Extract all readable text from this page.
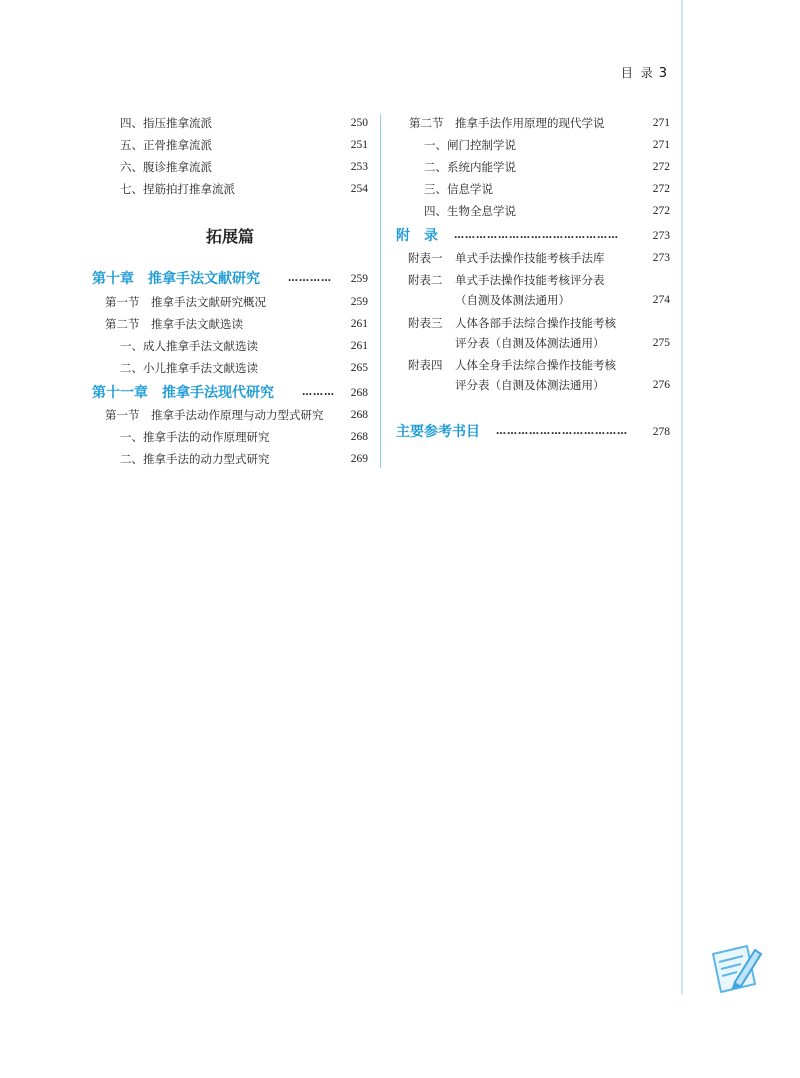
目 录 3
四、指压推拿流派	250
五、正骨推拿流派	251
六、腹诊推拿流派	253
七、捏筋拍打推拿流派	254
拓展篇
第十章　推拿手法文献研究	………… 259
第一节　推拿手法文献研究概况	259
第二节　推拿手法文献选读	261
一、成人推拿手法文献选读	261
二、小儿推拿手法文献选读	265
第十一章　推拿手法现代研究	……… 268
第一节　推拿手法动作原理与动力型式研究 268
一、推拿手法的动作原理研究	268
二、推拿手法的动力型式研究	269
第二节　推拿手法作用原理的现代学说	271
一、闸门控制学说	271
二、系统内能学说	272
三、信息学说	272
四、生物全息学说	272
附　录 ………………………………………	273
附表一 单式手法操作技能考核手法库	273
附表二 单式手法操作技能考核评分表
（自测及体测法通用）	274
附表三 人体各部手法综合操作技能考核
评分表（自测及体测法通用）	275
附表四 人体全身手法综合操作技能考核
评分表（自测及体测法通用）	276
主要参考书目 ……………………………… 278
